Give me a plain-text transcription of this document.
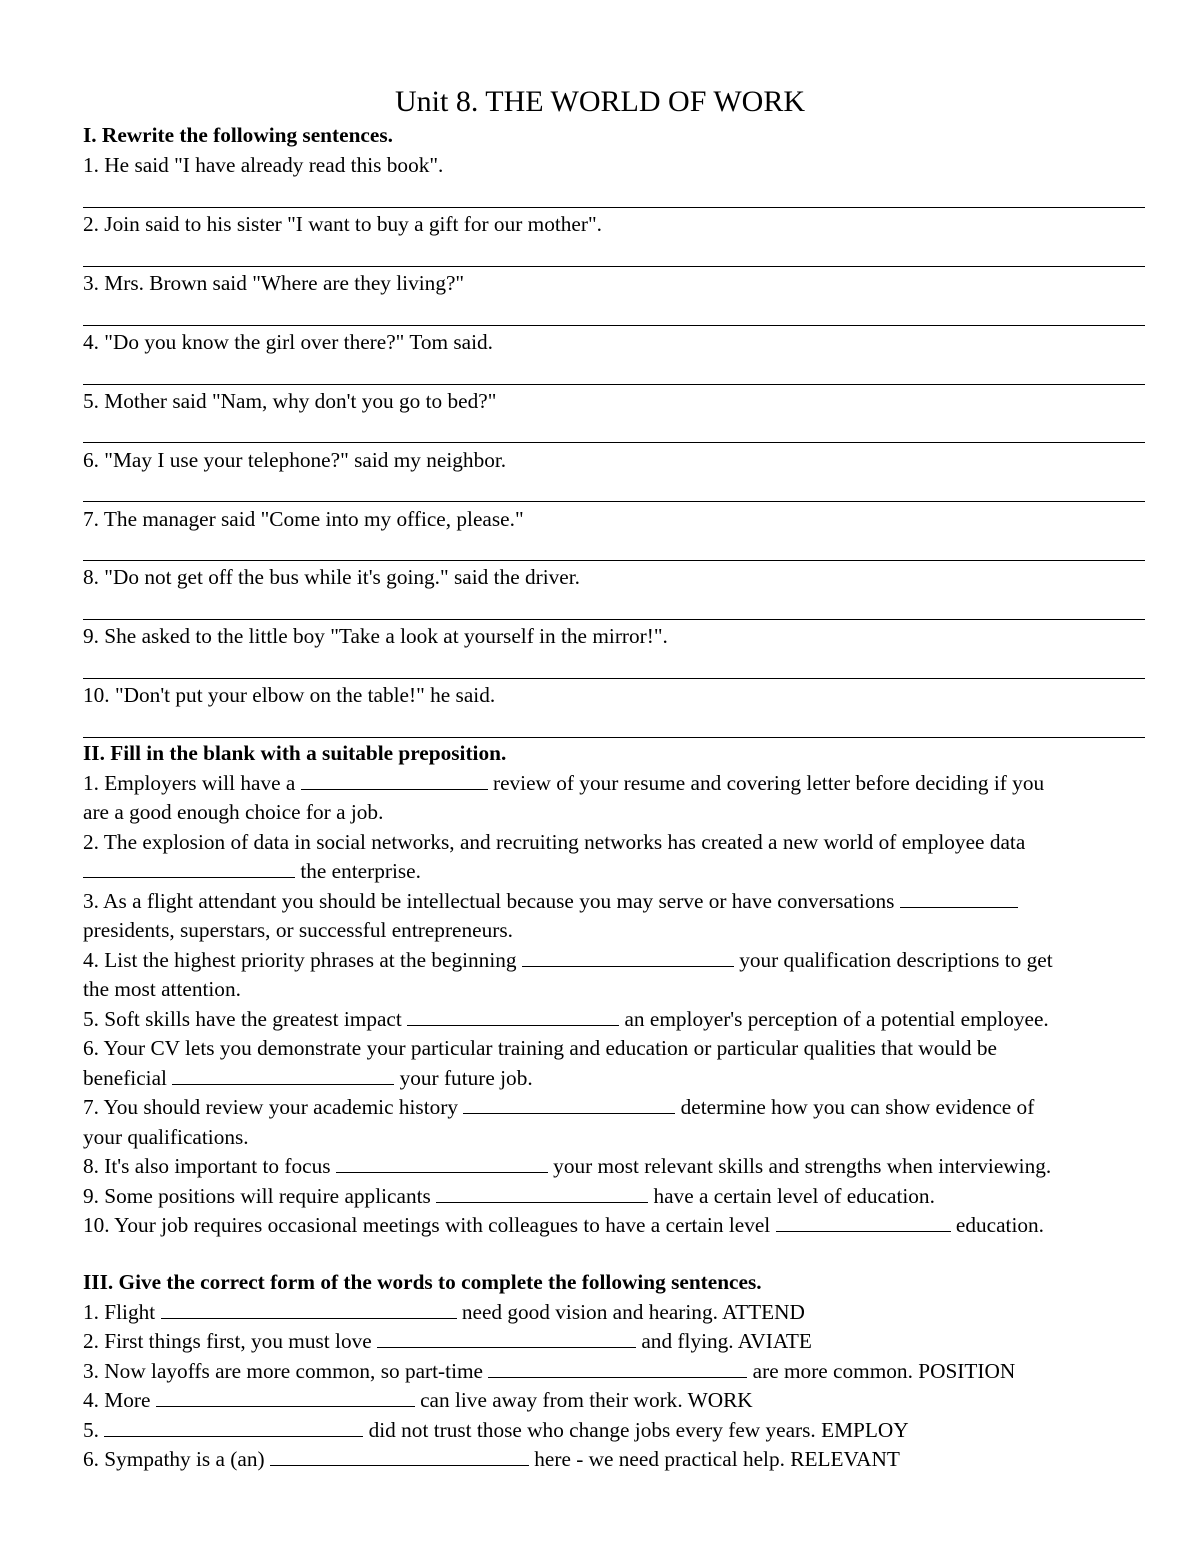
Unit 8. THE WORLD OF WORK
I. Rewrite the following sentences.
1. He said "I have already read this book".
2. Join said to his sister "I want to buy a gift for our mother".
3. Mrs. Brown said "Where are they living?"
4. "Do you know the girl over there?" Tom said.
5. Mother said "Nam, why don't you go to bed?"
6. "May I use your telephone?" said my neighbor.
7. The manager said "Come into my office, please."
8. "Do not get off the bus while it's going." said the driver.
9. She asked to the little boy "Take a look at yourself in the mirror!".
10. "Don't put your elbow on the table!" he said.
II. Fill in the blank with a suitable preposition.
1. Employers will have a	review of your resume and covering letter before deciding if you
are a good enough choice for a job.
2. The explosion of data in social networks, and recruiting networks has created a new world of employee data
the enterprise.
3. As a flight attendant you should be intellectual because you may serve or have conversations
presidents, superstars, or successful entrepreneurs.
4. List the highest priority phrases at the beginning	your qualification descriptions to get
the most attention.
5. Soft skills have the greatest impact	an employer's perception of a potential employee.
6. Your CV lets you demonstrate your particular training and education or particular qualities that would be
beneficial	your future job.
7. You should review your academic history	determine how you can show evidence of
your qualifications.
8. It's also important to focus	your most relevant skills and strengths when interviewing.
9. Some positions will require applicants	have a certain level of education.
10. Your job requires occasional meetings with colleagues to have a certain level	education.
III. Give the correct form of the words to complete the following sentences.
1. Flight	need good vision and hearing. ATTEND
2. First things first, you must love	and flying. AVIATE
3. Now layoffs are more common, so part-time	are more common. POSITION
4. More	can live away from their work. WORK
5.	did not trust those who change jobs every few years. EMPLOY
6. Sympathy is a (an)	here - we need practical help. RELEVANT
